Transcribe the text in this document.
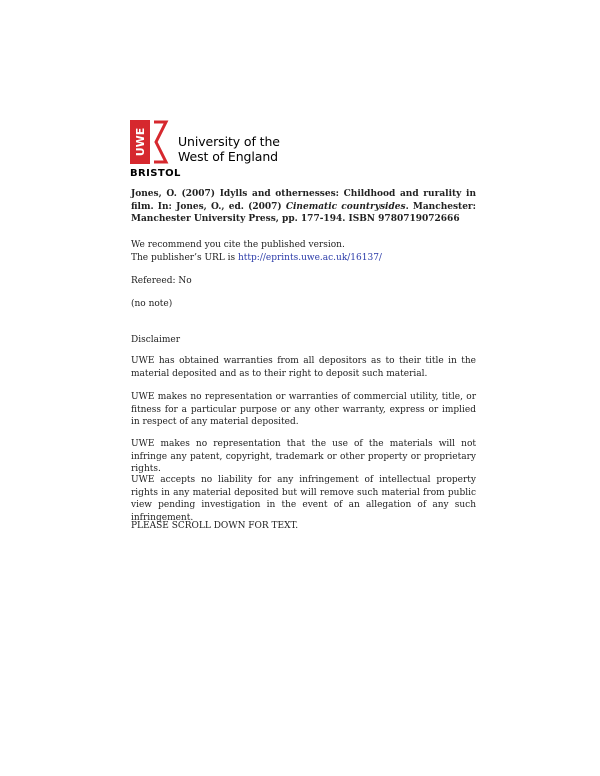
UWE University of the
West of England
BRISTOL
Jones, O. (2007) Idylls and othernesses: Childhood and rurality in film. In: Jones, O., ed. (2007) Cinematic countrysides. Manchester: Manchester University Press, pp. 177-194. ISBN 9780719072666
We recommend you cite the published version.
The publisher’s URL is http://eprints.uwe.ac.uk/16137/
Refereed: No
(no note)
Disclaimer
UWE has obtained warranties from all depositors as to their title in the material deposited and as to their right to deposit such material.
UWE makes no representation or warranties of commercial utility, title, or fitness for a particular purpose or any other warranty, express or implied in respect of any material deposited.
UWE makes no representation that the use of the materials will not infringe any patent, copyright, trademark or other property or proprietary rights.
UWE accepts no liability for any infringement of intellectual property rights in any material deposited but will remove such material from public view pending investigation in the event of an allegation of any such infringement.
PLEASE SCROLL DOWN FOR TEXT.
